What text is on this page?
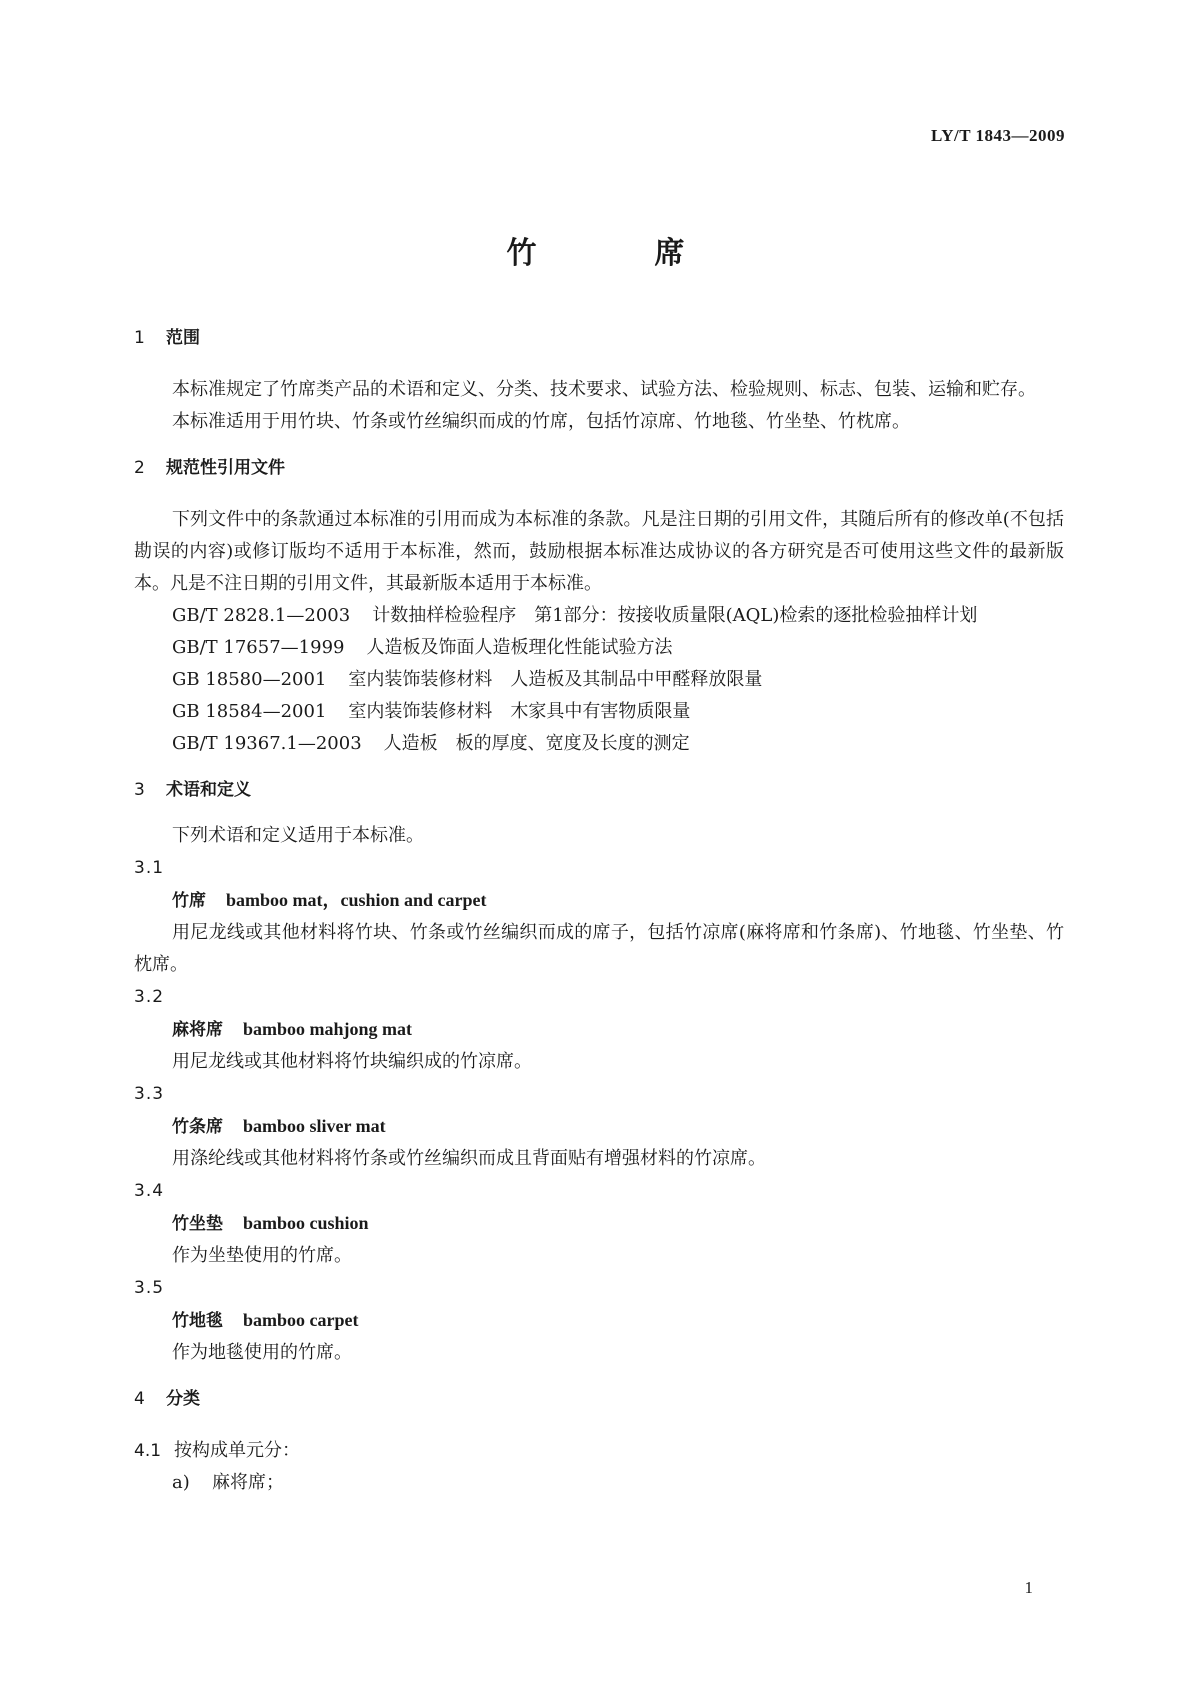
LY/T 1843—2009
竹	席

1 范围

本标准规定了竹席类产品的术语和定义、分类、技术要求、试验方法、检验规则、标志、包装、运输和贮存。

本标准适用于用竹块、竹条或竹丝编织而成的竹席，包括竹凉席、竹地毯、竹坐垫、竹枕席。

2 规范性引用文件

下列文件中的条款通过本标准的引用而成为本标准的条款。凡是注日期的引用文件，其随后所有的修改单(不包括勘误的内容)或修订版均不适用于本标准，然而，鼓励根据本标准达成协议的各方研究是否可使用这些文件的最新版本。凡是不注日期的引用文件，其最新版本适用于本标准。

GB/T 2828.1—2003 计数抽样检验程序　第1部分：按接收质量限(AQL)检索的逐批检验抽样计划

GB/T 17657—1999 人造板及饰面人造板理化性能试验方法

GB 18580—2001 室内装饰装修材料　人造板及其制品中甲醛释放限量

GB 18584—2001 室内装饰装修材料　木家具中有害物质限量

GB/T 19367.1—2003 人造板　板的厚度、宽度及长度的测定

3 术语和定义

下列术语和定义适用于本标准。

3.1

竹席 bamboo mat，cushion and carpet

用尼龙线或其他材料将竹块、竹条或竹丝编织而成的席子，包括竹凉席(麻将席和竹条席)、竹地毯、竹坐垫、竹枕席。

3.2

麻将席 bamboo mahjong mat

用尼龙线或其他材料将竹块编织成的竹凉席。

3.3

竹条席 bamboo sliver mat

用涤纶线或其他材料将竹条或竹丝编织而成且背面贴有增强材料的竹凉席。

3.4

竹坐垫 bamboo cushion

作为坐垫使用的竹席。

3.5

竹地毯 bamboo carpet

作为地毯使用的竹席。

4 分类

4.1 按构成单元分：

a) 麻将席；

1
